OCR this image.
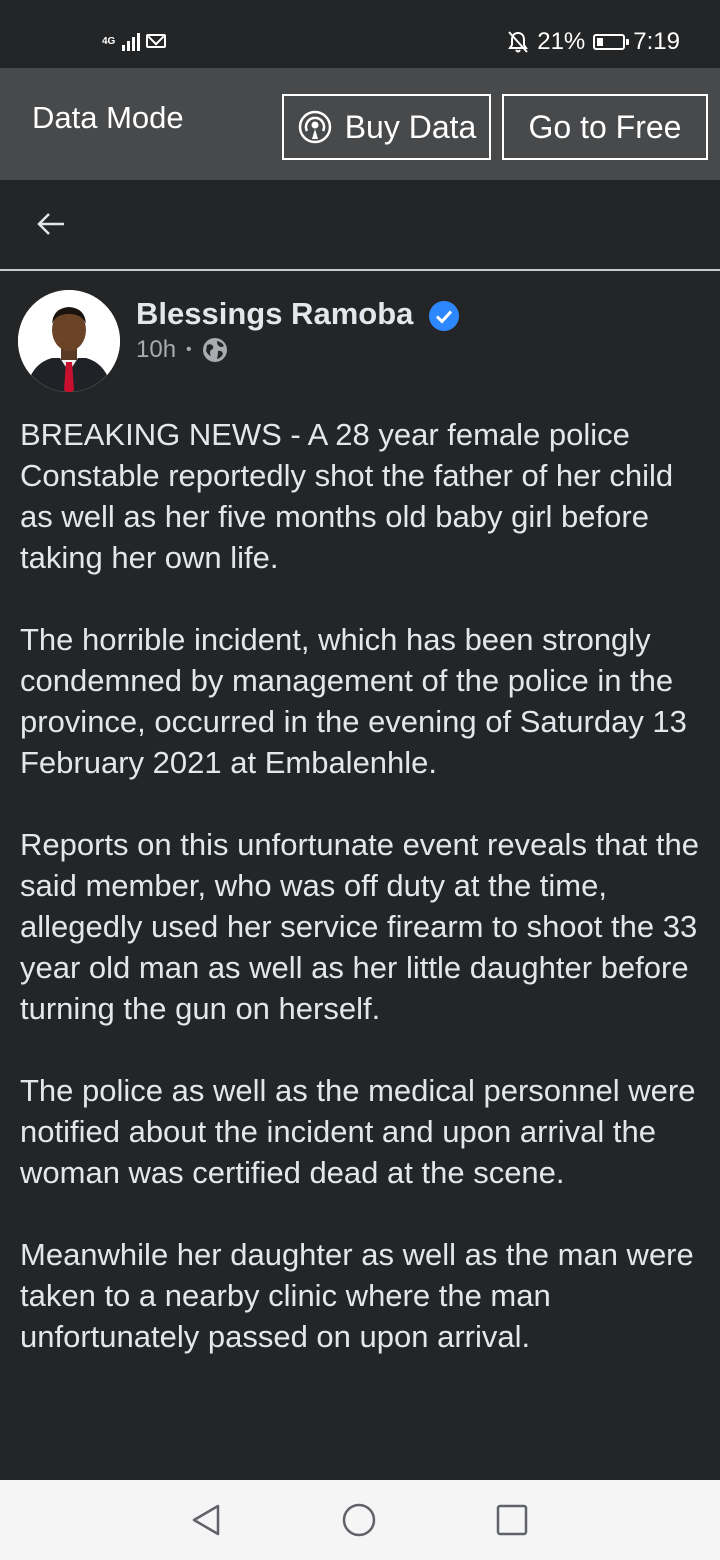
4G	21% 7:19
Data Mode	Buy Data Go to Free
Blessings Ramoba
10h •

BREAKING NEWS - A 28 year female police Constable reportedly shot the father of her child as well as her five months old baby girl before taking her own life.

The horrible incident, which has been strongly condemned by management of the police in the province, occurred in the evening of Saturday 13 February 2021 at Embalenhle.

Reports on this unfortunate event reveals that the said member, who was off duty at the time, allegedly used her service firearm to shoot the 33 year old man as well as her little daughter before turning the gun on herself.

The police as well as the medical personnel were notified about the incident and upon arrival the woman was certified dead at the scene.

Meanwhile her daughter as well as the man were taken to a nearby clinic where the man unfortunately passed on upon arrival.
